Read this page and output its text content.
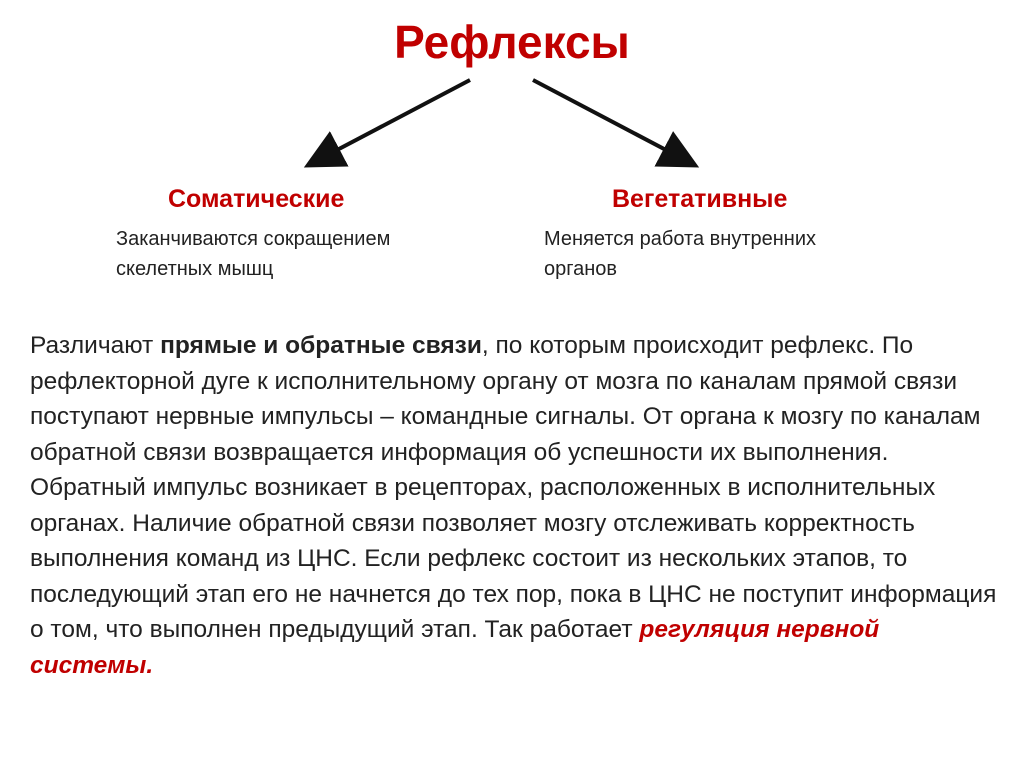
Рефлексы
Соматические
Заканчиваются сокращением
скелетных мышц
Вегетативные
Меняется работа внутренних
органов

Различают прямые и обратные связи, по которым происходит рефлекс. По рефлекторной дуге к исполнительному органу от мозга по каналам прямой связи поступают нервные импульсы – командные сигналы. От органа к мозгу по каналам обратной связи возвращается информация об успешности их выполнения. Обратный импульс возникает в рецепторах, расположенных в исполнительных органах. Наличие обратной связи позволяет мозгу отслеживать корректность выполнения команд из ЦНС. Если рефлекс состоит из нескольких этапов, то последующий этап его не начнется до тех пор, пока в ЦНС не поступит информация о том, что выполнен предыдущий этап. Так работает регуляция нервной системы.
